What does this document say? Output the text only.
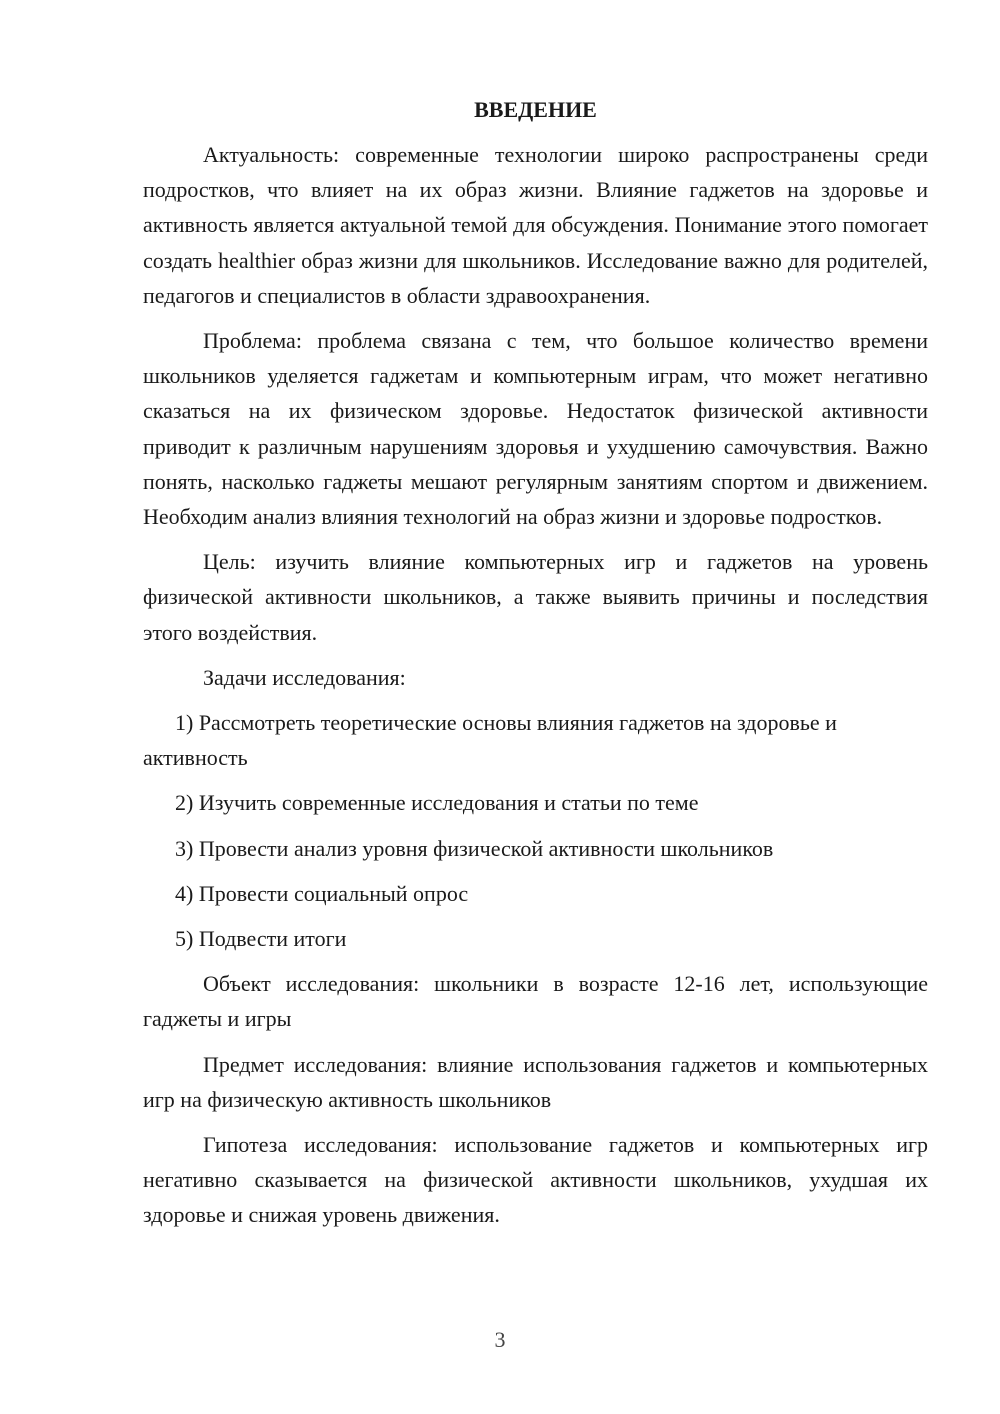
ВВЕДЕНИЕ

Актуальность: современные технологии широко распространены среди подростков, что влияет на их образ жизни. Влияние гаджетов на здоровье и активность является актуальной темой для обсуждения. Понимание этого помогает создать healthier образ жизни для школьников. Исследование важно для родителей, педагогов и специалистов в области здравоохранения.

Проблема: проблема связана с тем, что большое количество времени школьников уделяется гаджетам и компьютерным играм, что может негативно сказаться на их физическом здоровье. Недостаток физической активности приводит к различным нарушениям здоровья и ухудшению самочувствия. Важно понять, насколько гаджеты мешают регулярным занятиям спортом и движением. Необходим анализ влияния технологий на образ жизни и здоровье подростков.

Цель: изучить влияние компьютерных игр и гаджетов на уровень физической активности школьников, а также выявить причины и последствия этого воздействия.

Задачи исследования:

1) Рассмотреть теоретические основы влияния гаджетов на здоровье и активность

2) Изучить современные исследования и статьи по теме

3) Провести анализ уровня физической активности школьников

4) Провести социальный опрос

5) Подвести итоги

Объект исследования: школьники в возрасте 12-16 лет, использующие гаджеты и игры

Предмет исследования: влияние использования гаджетов и компьютерных игр на физическую активность школьников

Гипотеза исследования: использование гаджетов и компьютерных игр негативно сказывается на физической активности школьников, ухудшая их здоровье и снижая уровень движения.

3
